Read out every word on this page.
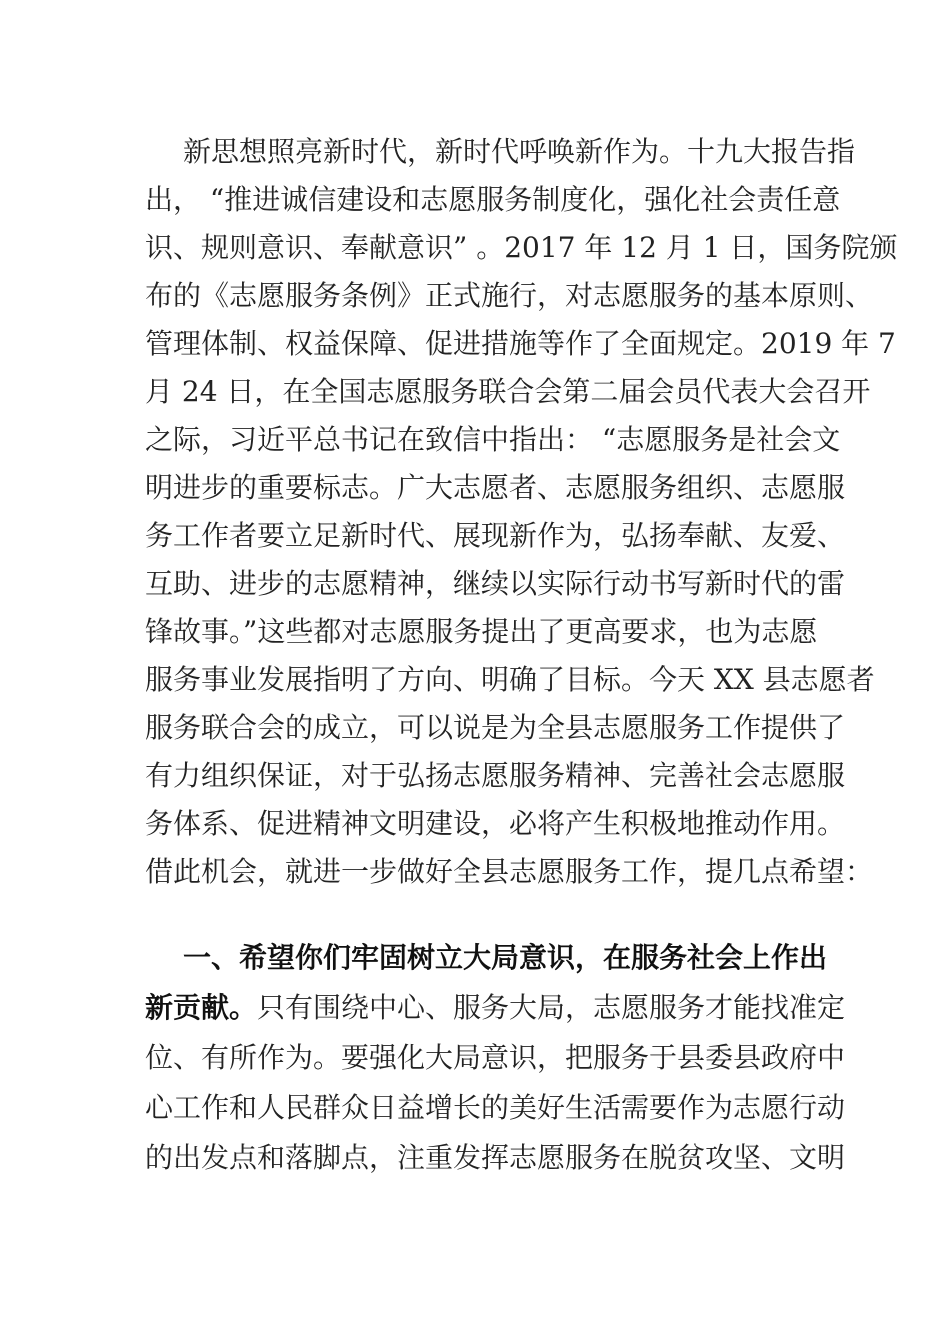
新思想照亮新时代，新时代呼唤新作为。十九大报告指
出， “推进诚信建设和志愿服务制度化，强化社会责任意
识、规则意识、奉献意识” 。2017 年 12 月 1 日，国务院颁
布的《志愿服务条例》正式施行，对志愿服务的基本原则、
管理体制、权益保障、促进措施等作了全面规定。2019 年 7
月 24 日，在全国志愿服务联合会第二届会员代表大会召开
之际，习近平总书记在致信中指出： “志愿服务是社会文
明进步的重要标志。广大志愿者、志愿服务组织、志愿服
务工作者要立足新时代、展现新作为，弘扬奉献、友爱、
互助、进步的志愿精神，继续以实际行动书写新时代的雷
锋故事。”这些都对志愿服务提出了更高要求，也为志愿
服务事业发展指明了方向、明确了目标。今天 XX 县志愿者
服务联合会的成立，可以说是为全县志愿服务工作提供了
有力组织保证，对于弘扬志愿服务精神、完善社会志愿服
务体系、促进精神文明建设，必将产生积极地推动作用。
借此机会，就进一步做好全县志愿服务工作，提几点希望：
一、希望你们牢固树立大局意识，在服务社会上作出
新贡献。只有围绕中心、服务大局，志愿服务才能找准定
位、有所作为。要强化大局意识，把服务于县委县政府中
心工作和人民群众日益增长的美好生活需要作为志愿行动
的出发点和落脚点，注重发挥志愿服务在脱贫攻坚、文明
